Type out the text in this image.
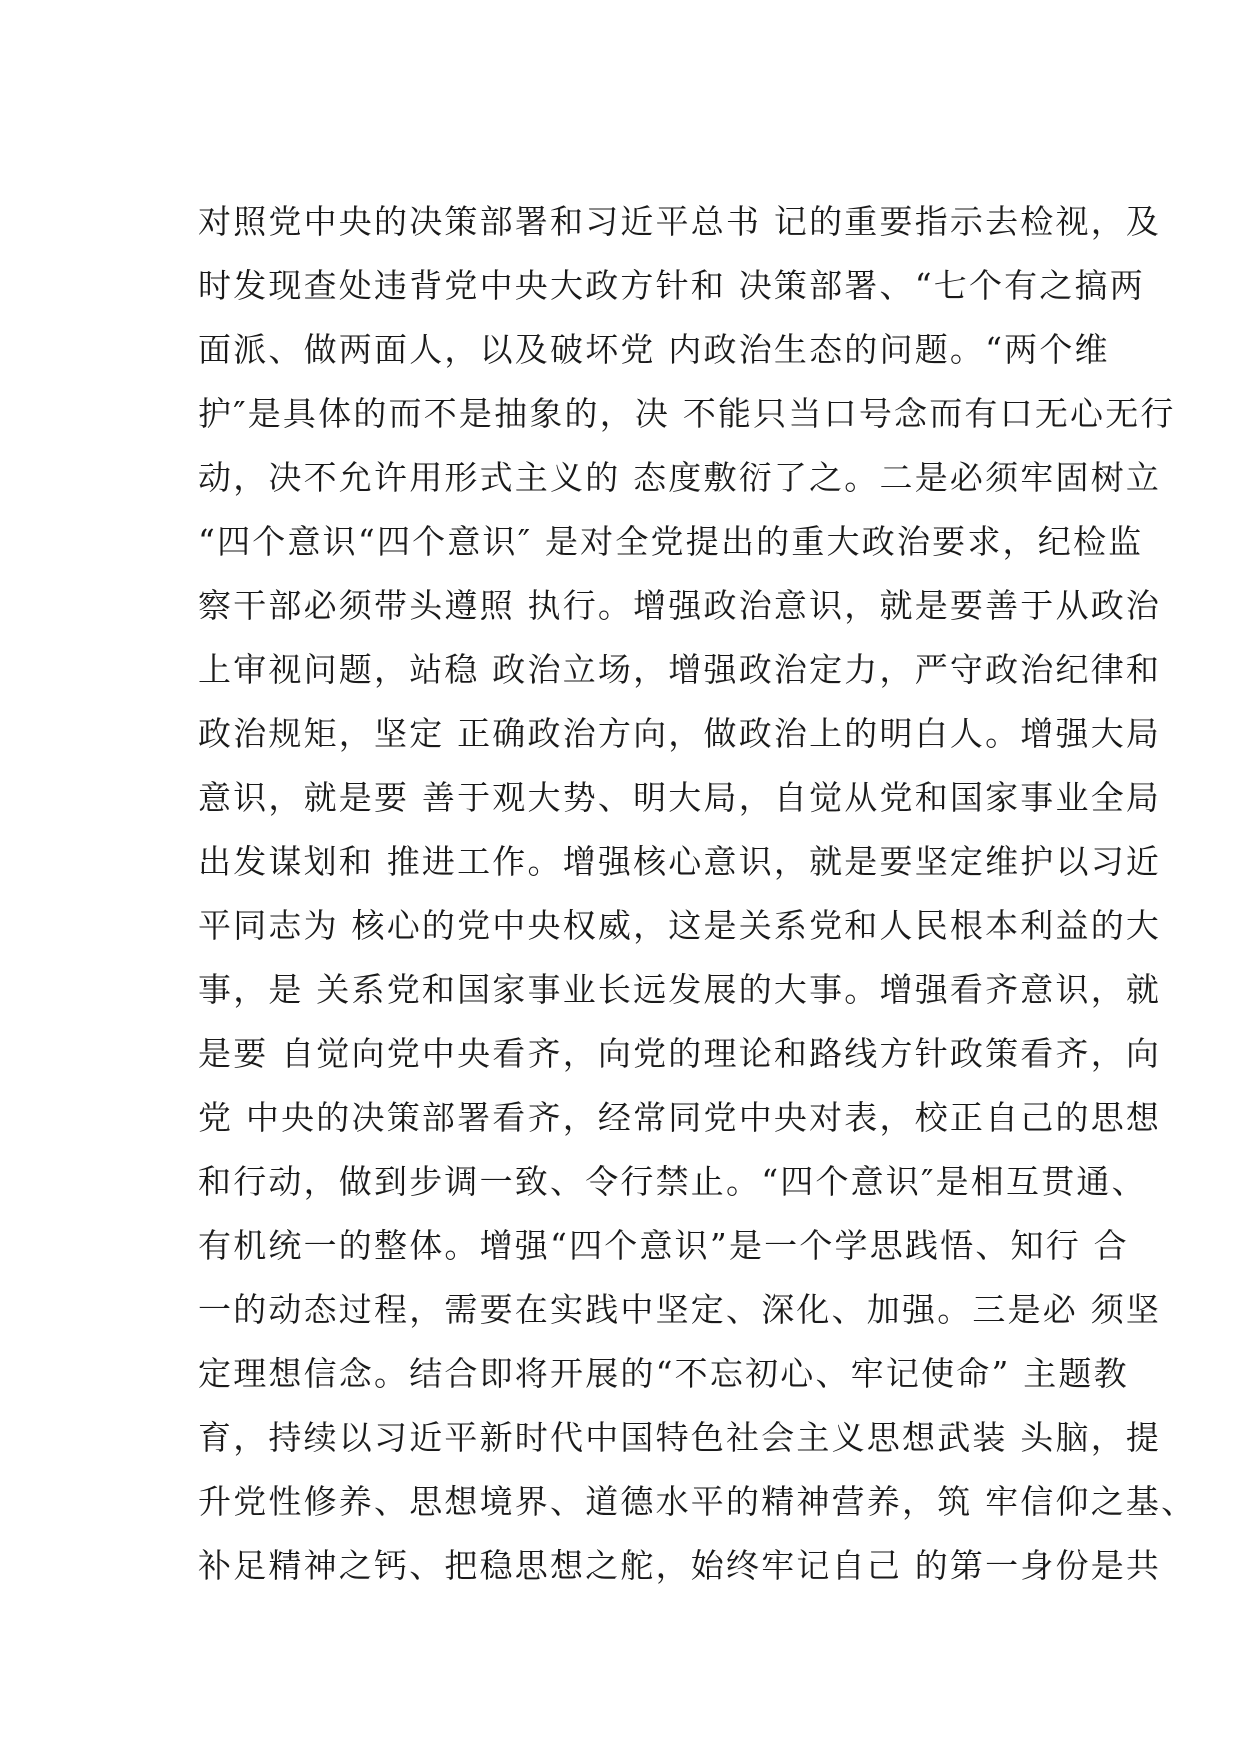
对照党中央的决策部署和习近平总书 记的重要指示去检视，及
时发现查处违背党中央大政方针和 决策部署、“七个有之搞两
面派、做两面人，以及破坏党 内政治生态的问题。“两个维
护″是具体的而不是抽象的，决 不能只当口号念而有口无心无行
动，决不允许用形式主义的 态度敷衍了之。二是必须牢固树立
“四个意识“四个意识″ 是对全党提出的重大政治要求，纪检监
察干部必须带头遵照 执行。增强政治意识，就是要善于从政治
上审视问题，站稳 政治立场，增强政治定力，严守政治纪律和
政治规矩，坚定 正确政治方向，做政治上的明白人。增强大局
意识，就是要 善于观大势、明大局，自觉从党和国家事业全局
出发谋划和 推进工作。增强核心意识，就是要坚定维护以习近
平同志为 核心的党中央权威，这是关系党和人民根本利益的大
事，是 关系党和国家事业长远发展的大事。增强看齐意识，就
是要 自觉向党中央看齐，向党的理论和路线方针政策看齐，向
党 中央的决策部署看齐，经常同党中央对表，校正自己的思想
和行动，做到步调一致、令行禁止。“四个意识″是相互贯通、
有机统一的整体。增强“四个意识”是一个学思践悟、知行 合
一的动态过程，需要在实践中坚定、深化、加强。三是必 须坚
定理想信念。结合即将开展的“不忘初心、牢记使命” 主题教
育，持续以习近平新时代中国特色社会主义思想武装 头脑，提
升党性修养、思想境界、道德水平的精神营养，筑 牢信仰之基、
补足精神之钙、把稳思想之舵，始终牢记自己 的第一身份是共
